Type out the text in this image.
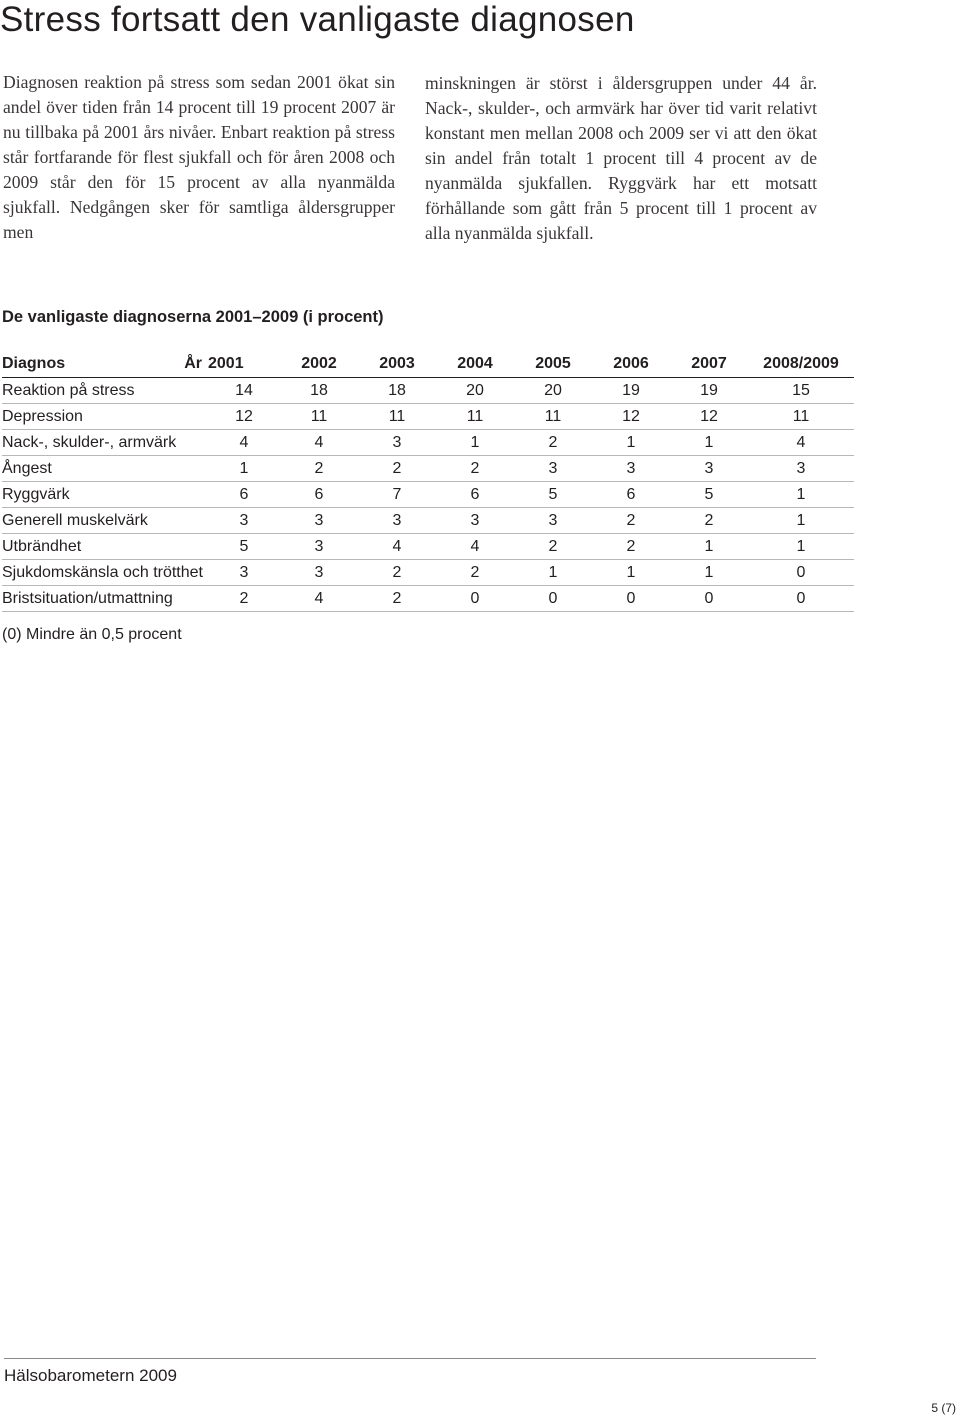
Stress fortsatt den vanligaste diagnosen

Diagnosen reaktion på stress som sedan 2001 ökat sin andel över tiden från 14 procent till 19 procent 2007 är nu tillbaka på 2001 års nivåer. Enbart reaktion på stress står fortfarande för flest sjukfall och för åren 2008 och 2009 står den för 15 procent av alla nyanmälda sjukfall. Nedgången sker för samtliga åldersgrupper men

minskningen är störst i åldersgruppen under 44 år. Nack-, skulder-, och armvärk har över tid varit relativt konstant men mellan 2008 och 2009 ser vi att den ökat sin andel från totalt 1 procent till 4 procent av de nyanmälda sjukfallen. Ryggvärk har ett motsatt förhållande som gått från 5 procent till 1 procent av alla nyanmälda sjukfall.

De vanligaste diagnoserna 2001–2009 (i procent)
Diagnos	År	2001	2002	2003	2004	2005	2006	2007	2008/2009
Reaktion på stress		14	18	18	20	20	19	19	15
Depression		12	11	11	11	11	12	12	11
Nack-, skulder-, armvärk		4	4	3	1	2	1	1	4
Ångest		1	2	2	2	3	3	3	3
Ryggvärk		6	6	7	6	5	6	5	1
Generell muskelvärk		3	3	3	3	3	2	2	1
Utbrändhet		5	3	4	4	2	2	1	1
Sjukdomskänsla och trötthet		3	3	2	2	1	1	1	0
Bristsituation/utmattning		2	4	2	0	0	0	0	0

(0) Mindre än 0,5 procent

Hälsobarometern 2009
5 (7)
